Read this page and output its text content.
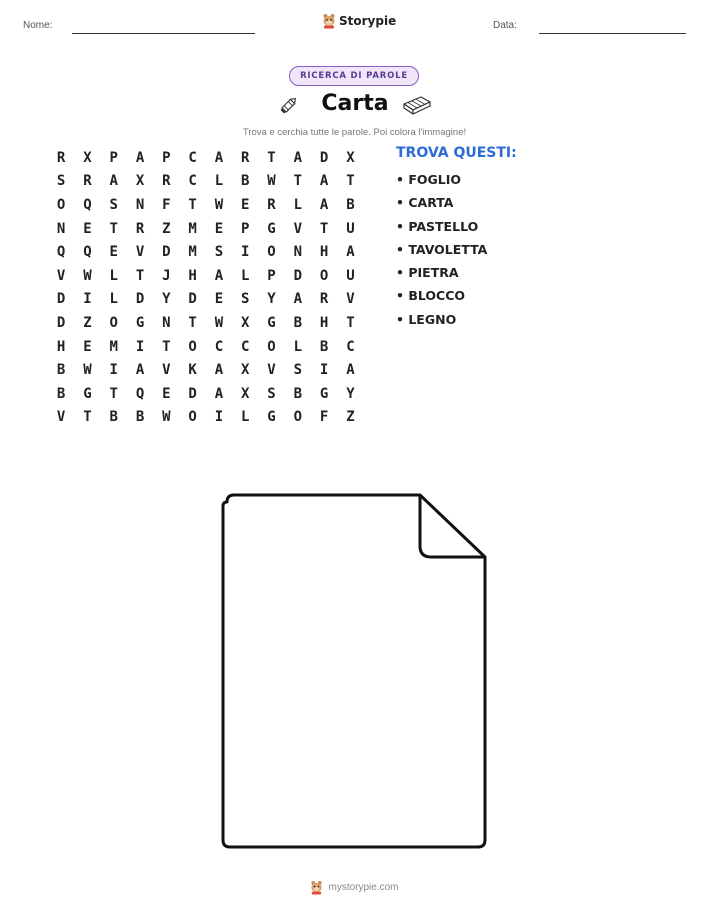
Nome:	Storypie	Data:
RICERCA DI PAROLE
Carta
Trova e cerchia tutte le parole. Poi colora l'immagine!
R	X	P	A	P	C	A	R	T	A	D	X
S	R	A	X	R	C	L	B	W	T	A	T
O	Q	S	N	F	T	W	E	R	L	A	B
N	E	T	R	Z	M	E	P	G	V	T	U
Q	Q	E	V	D	M	S	I	O	N	H	A
V	W	L	T	J	H	A	L	P	D	O	U
D	I	L	D	Y	D	E	S	Y	A	R	V
D	Z	O	G	N	T	W	X	G	B	H	T
H	E	M	I	T	O	C	C	O	L	B	C
B	W	I	A	V	K	A	X	V	S	I	A
B	G	T	Q	E	D	A	X	S	B	G	Y
V	T	B	B	W	O	I	L	G	O	F	Z
TROVA QUESTI:
• FOGLIO
• CARTA
• PASTELLO
• TAVOLETTA
• PIETRA
• BLOCCO
• LEGNO
mystorypie.com
